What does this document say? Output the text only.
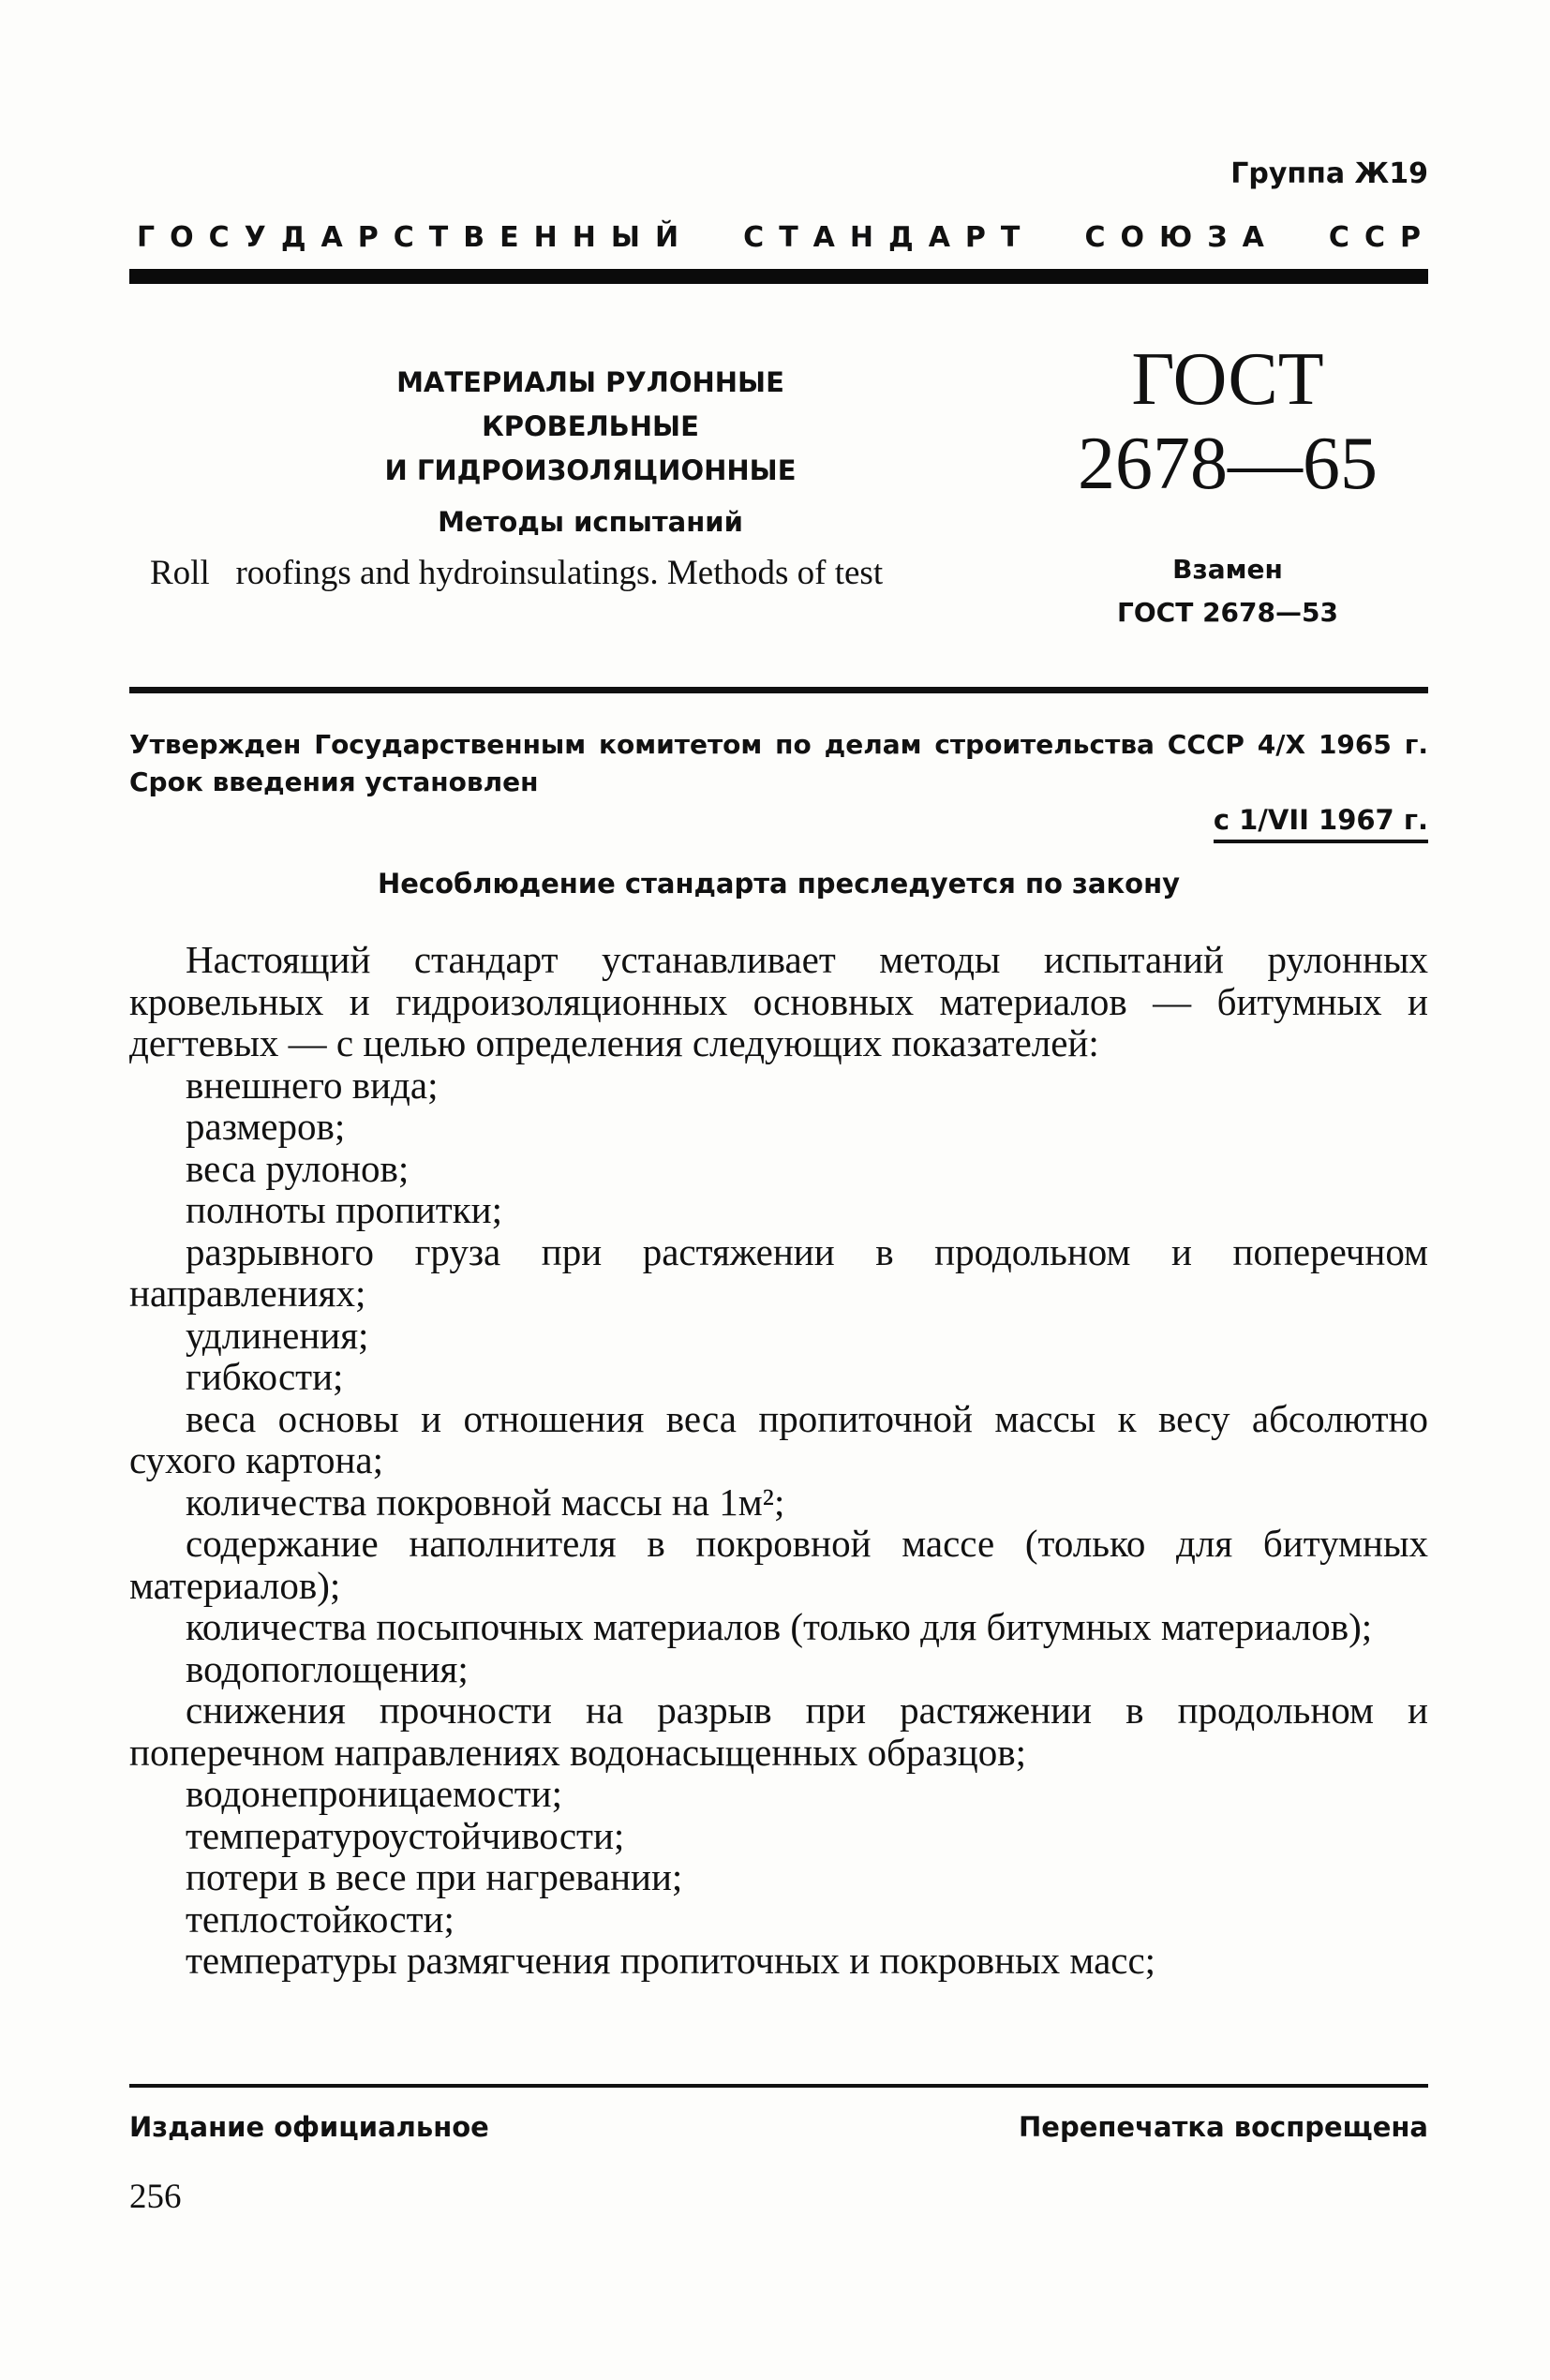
Группа Ж19
Г О С У Д А Р С Т В Е Н Н Ы Й С Т А Н Д А Р Т С О Ю З А С С Р
МАТЕРИАЛЫ РУЛОННЫЕ
КРОВЕЛЬНЫЕ
И ГИДРОИЗОЛЯЦИОННЫЕ
Методы испытаний
Roll   roofings and hydroinsulatings. Methods of test
ГОСТ
2678—65
Взамен
ГОСТ 2678—53
Утвержден Государственным комитетом по делам строительства СССР 4/X 1965 г. Срок введения установлен
с 1/VII 1967 г.
Несоблюдение стандарта преследуется по закону

Настоящий стандарт устанавливает методы испытаний рулонных кровельных и гидроизоляционных основных материалов — битумных и дегтевых — с целью определения следующих показателей:

внешнего вида;
размеров;
веса рулонов;
полноты пропитки;
разрывного груза при растяжении в продольном и поперечном направлениях;
удлинения;
гибкости;
веса основы и отношения веса пропиточной массы к весу абсолютно сухого картона;
количества покровной массы на 1м²;
содержание наполнителя в покровной массе (только для битумных материалов);
количества посыпочных материалов (только для битумных материалов);
водопоглощения;
снижения прочности на разрыв при растяжении в продольном и поперечном направлениях водонасыщенных образцов;
водонепроницаемости;
температуроустойчивости;
потери в весе при нагревании;
теплостойкости;
температуры размягчения пропиточных и покровных масс;
Издание официальное	Перепечатка воспрещена
256
